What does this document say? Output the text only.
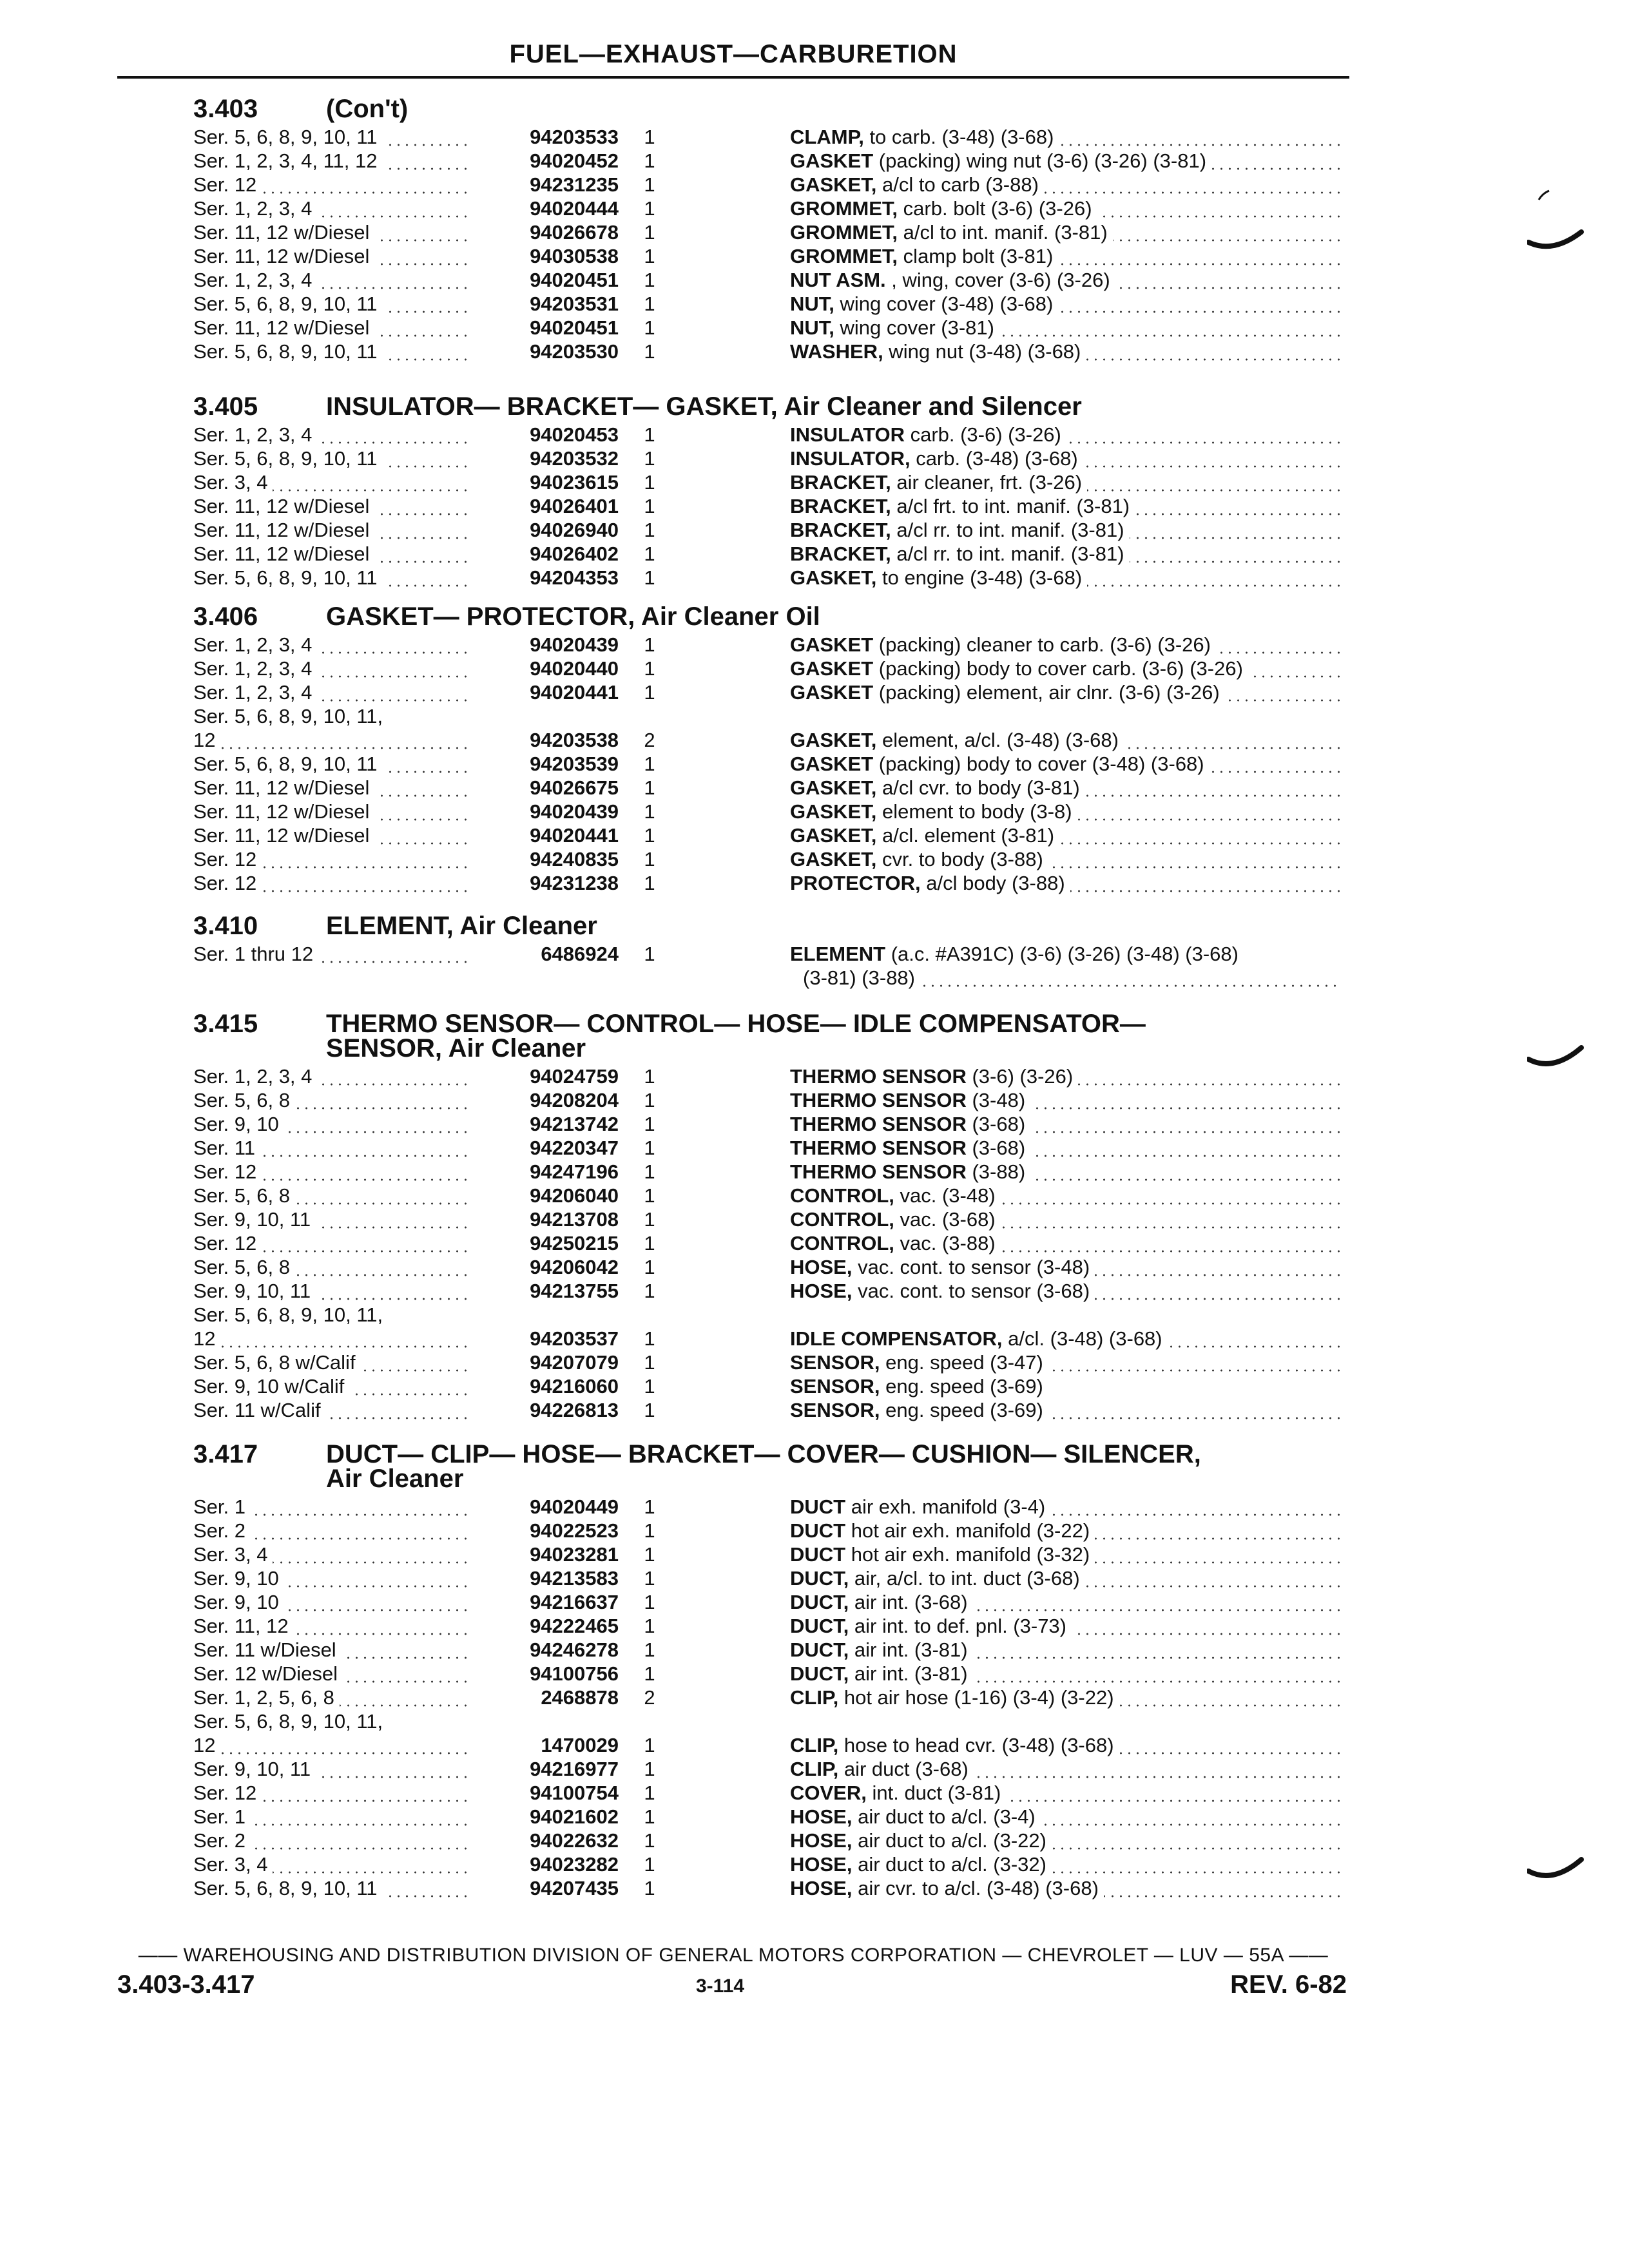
FUEL—EXHAUST—CARBURETION
3.403	(Con't)
Ser. 5, 6, 8, 9, 10, 11	94203533	1	CLAMP, to carb. (3-48) (3-68)
Ser. 1, 2, 3, 4, 11, 12	94020452	1	GASKET (packing) wing nut (3-6) (3-26) (3-81)
Ser. 12	94231235	1	GASKET, a/cl to carb (3-88)
Ser. 1, 2, 3, 4	94020444	1	GROMMET, carb. bolt (3-6) (3-26)
Ser. 11, 12 w/Diesel	94026678	1	GROMMET, a/cl to int. manif. (3-81)
Ser. 11, 12 w/Diesel	94030538	1	GROMMET, clamp bolt (3-81)
Ser. 1, 2, 3, 4	94020451	1	NUT ASM. , wing, cover (3-6) (3-26)
Ser. 5, 6, 8, 9, 10, 11	94203531	1	NUT, wing cover (3-48) (3-68)
Ser. 11, 12 w/Diesel	94020451	1	NUT, wing cover (3-81)
Ser. 5, 6, 8, 9, 10, 11	94203530	1	WASHER, wing nut (3-48) (3-68)
3.405	INSULATOR— BRACKET— GASKET, Air Cleaner and Silencer
Ser. 1, 2, 3, 4	94020453	1	INSULATOR carb. (3-6) (3-26)
Ser. 5, 6, 8, 9, 10, 11	94203532	1	INSULATOR, carb. (3-48) (3-68)
Ser. 3, 4	94023615	1	BRACKET, air cleaner, frt. (3-26)
Ser. 11, 12 w/Diesel	94026401	1	BRACKET, a/cl frt. to int. manif. (3-81)
Ser. 11, 12 w/Diesel	94026940	1	BRACKET, a/cl rr. to int. manif. (3-81)
Ser. 11, 12 w/Diesel	94026402	1	BRACKET, a/cl rr. to int. manif. (3-81)
Ser. 5, 6, 8, 9, 10, 11	94204353	1	GASKET, to engine (3-48) (3-68)
3.406	GASKET— PROTECTOR, Air Cleaner Oil
Ser. 1, 2, 3, 4	94020439	1	GASKET (packing) cleaner to carb. (3-6) (3-26)
Ser. 1, 2, 3, 4	94020440	1	GASKET (packing) body to cover carb. (3-6) (3-26)
Ser. 1, 2, 3, 4	94020441	1	GASKET (packing) element, air clnr. (3-6) (3-26)
Ser. 5, 6, 8, 9, 10, 11,
12	94203538	2	GASKET, element, a/cl. (3-48) (3-68)
Ser. 5, 6, 8, 9, 10, 11	94203539	1	GASKET (packing) body to cover (3-48) (3-68)
Ser. 11, 12 w/Diesel	94026675	1	GASKET, a/cl cvr. to body (3-81)
Ser. 11, 12 w/Diesel	94020439	1	GASKET, element to body (3-8)
Ser. 11, 12 w/Diesel	94020441	1	GASKET, a/cl. element (3-81)
Ser. 12	94240835	1	GASKET, cvr. to body (3-88)
Ser. 12	94231238	1	PROTECTOR, a/cl body (3-88)
3.410	ELEMENT, Air Cleaner
Ser. 1 thru 12	6486924	1	ELEMENT (a.c. #A391C) (3-6) (3-26) (3-48) (3-68)
(3-81) (3-88)
3.415	THERMO SENSOR— CONTROL— HOSE— IDLE COMPENSATOR—
SENSOR, Air Cleaner
Ser. 1, 2, 3, 4	94024759	1	THERMO SENSOR (3-6) (3-26)
Ser. 5, 6, 8	94208204	1	THERMO SENSOR (3-48)
Ser. 9, 10	94213742	1	THERMO SENSOR (3-68)
Ser. 11	94220347	1	THERMO SENSOR (3-68)
Ser. 12	94247196	1	THERMO SENSOR (3-88)
Ser. 5, 6, 8	94206040	1	CONTROL, vac. (3-48)
Ser. 9, 10, 11	94213708	1	CONTROL, vac. (3-68)
Ser. 12	94250215	1	CONTROL, vac. (3-88)
Ser. 5, 6, 8	94206042	1	HOSE, vac. cont. to sensor (3-48)
Ser. 9, 10, 11	94213755	1	HOSE, vac. cont. to sensor (3-68)
Ser. 5, 6, 8, 9, 10, 11,
12	94203537	1	IDLE COMPENSATOR, a/cl. (3-48) (3-68)
Ser. 5, 6, 8 w/Calif	94207079	1	SENSOR, eng. speed (3-47)
Ser. 9, 10 w/Calif	94216060	1	SENSOR, eng. speed (3-69)
Ser. 11 w/Calif	94226813	1	SENSOR, eng. speed (3-69)
3.417	DUCT— CLIP— HOSE— BRACKET— COVER— CUSHION— SILENCER,
Air Cleaner
Ser. 1	94020449	1	DUCT air exh. manifold (3-4)
Ser. 2	94022523	1	DUCT hot air exh. manifold (3-22)
Ser. 3, 4	94023281	1	DUCT hot air exh. manifold (3-32)
Ser. 9, 10	94213583	1	DUCT, air, a/cl. to int. duct (3-68)
Ser. 9, 10	94216637	1	DUCT, air int. (3-68)
Ser. 11, 12	94222465	1	DUCT, air int. to def. pnl. (3-73)
Ser. 11 w/Diesel	94246278	1	DUCT, air int. (3-81)
Ser. 12 w/Diesel	94100756	1	DUCT, air int. (3-81)
Ser. 1, 2, 5, 6, 8	2468878	2	CLIP, hot air hose (1-16) (3-4) (3-22)
Ser. 5, 6, 8, 9, 10, 11,
12	1470029	1	CLIP, hose to head cvr. (3-48) (3-68)
Ser. 9, 10, 11	94216977	1	CLIP, air duct (3-68)
Ser. 12	94100754	1	COVER, int. duct (3-81)
Ser. 1	94021602	1	HOSE, air duct to a/cl. (3-4)
Ser. 2	94022632	1	HOSE, air duct to a/cl. (3-22)
Ser. 3, 4	94023282	1	HOSE, air duct to a/cl. (3-32)
Ser. 5, 6, 8, 9, 10, 11	94207435	1	HOSE, air cvr. to a/cl. (3-48) (3-68)
—— WAREHOUSING AND DISTRIBUTION DIVISION OF GENERAL MOTORS CORPORATION — CHEVROLET — LUV — 55A ——
3.403-3.417	3-114	REV. 6-82
